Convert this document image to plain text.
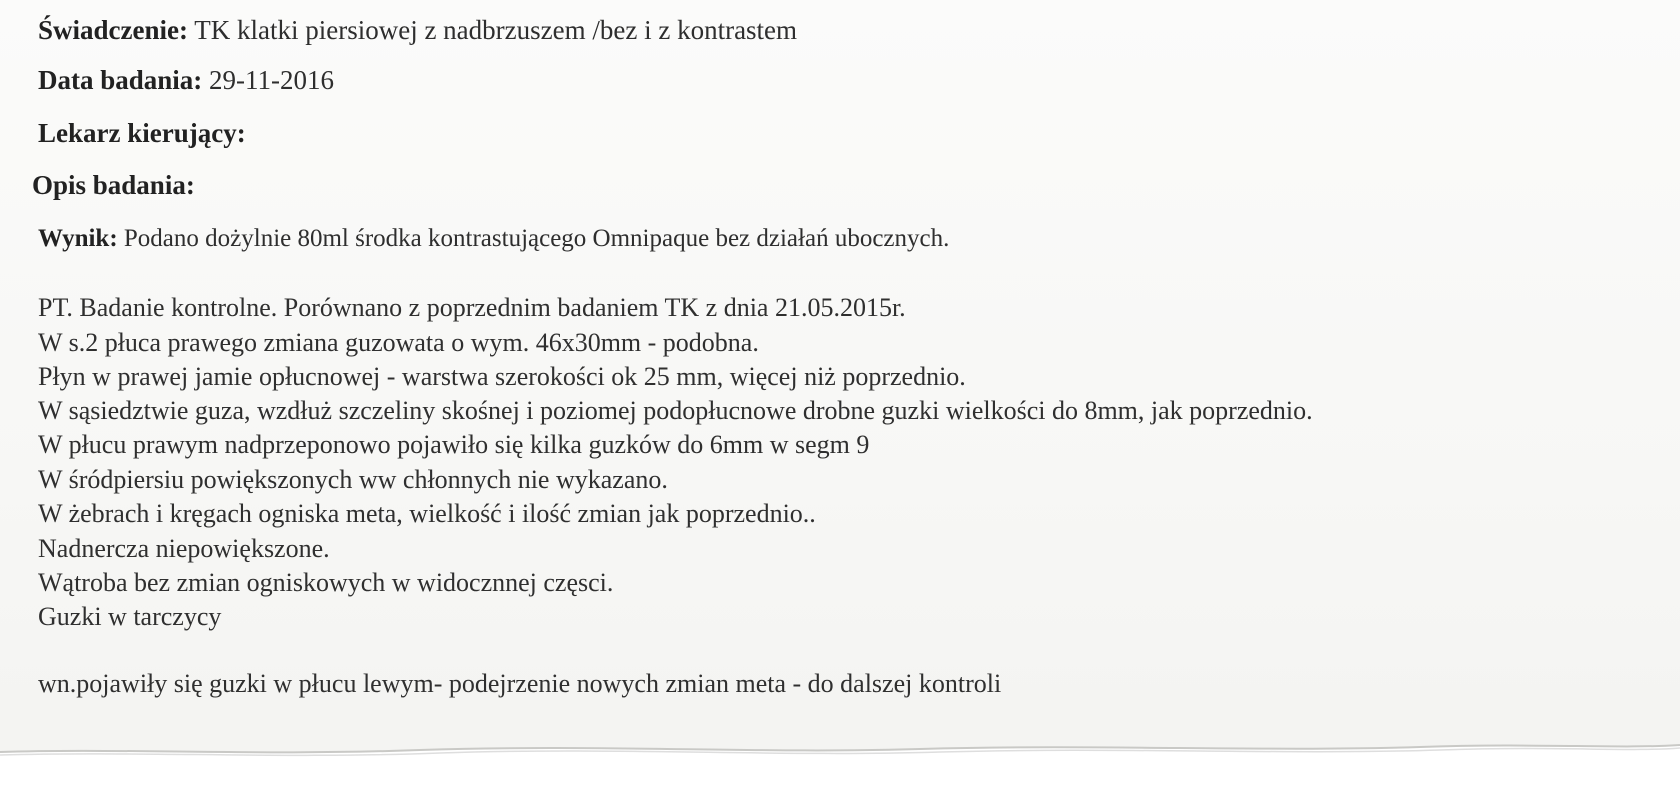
Świadczenie: TK klatki piersiowej z nadbrzuszem /bez i z kontrastem
Data badania: 29-11-2016
Lekarz kierujący:
Opis badania:
Wynik: Podano dożylnie 80ml środka kontrastującego Omnipaque bez działań ubocznych.
PT. Badanie kontrolne. Porównano z poprzednim badaniem TK z dnia 21.05.2015r.
W s.2 płuca prawego zmiana guzowata o wym. 46x30mm - podobna.
Płyn w prawej jamie opłucnowej - warstwa szerokości ok 25 mm, więcej niż poprzednio.
W sąsiedztwie guza, wzdłuż szczeliny skośnej i poziomej podopłucnowe drobne guzki wielkości do 8mm, jak poprzednio.
W płucu prawym nadprzeponowo pojawiło się kilka guzków do 6mm w segm 9
W śródpiersiu powiększonych ww chłonnych nie wykazano.
W żebrach i kręgach ogniska meta, wielkość i ilość zmian jak poprzednio..
Nadnercza niepowiększone.
Wątroba bez zmian ogniskowych w widocznnej częsci.
Guzki w tarczycy
wn.pojawiły się guzki w płucu lewym- podejrzenie nowych zmian meta - do dalszej kontroli
